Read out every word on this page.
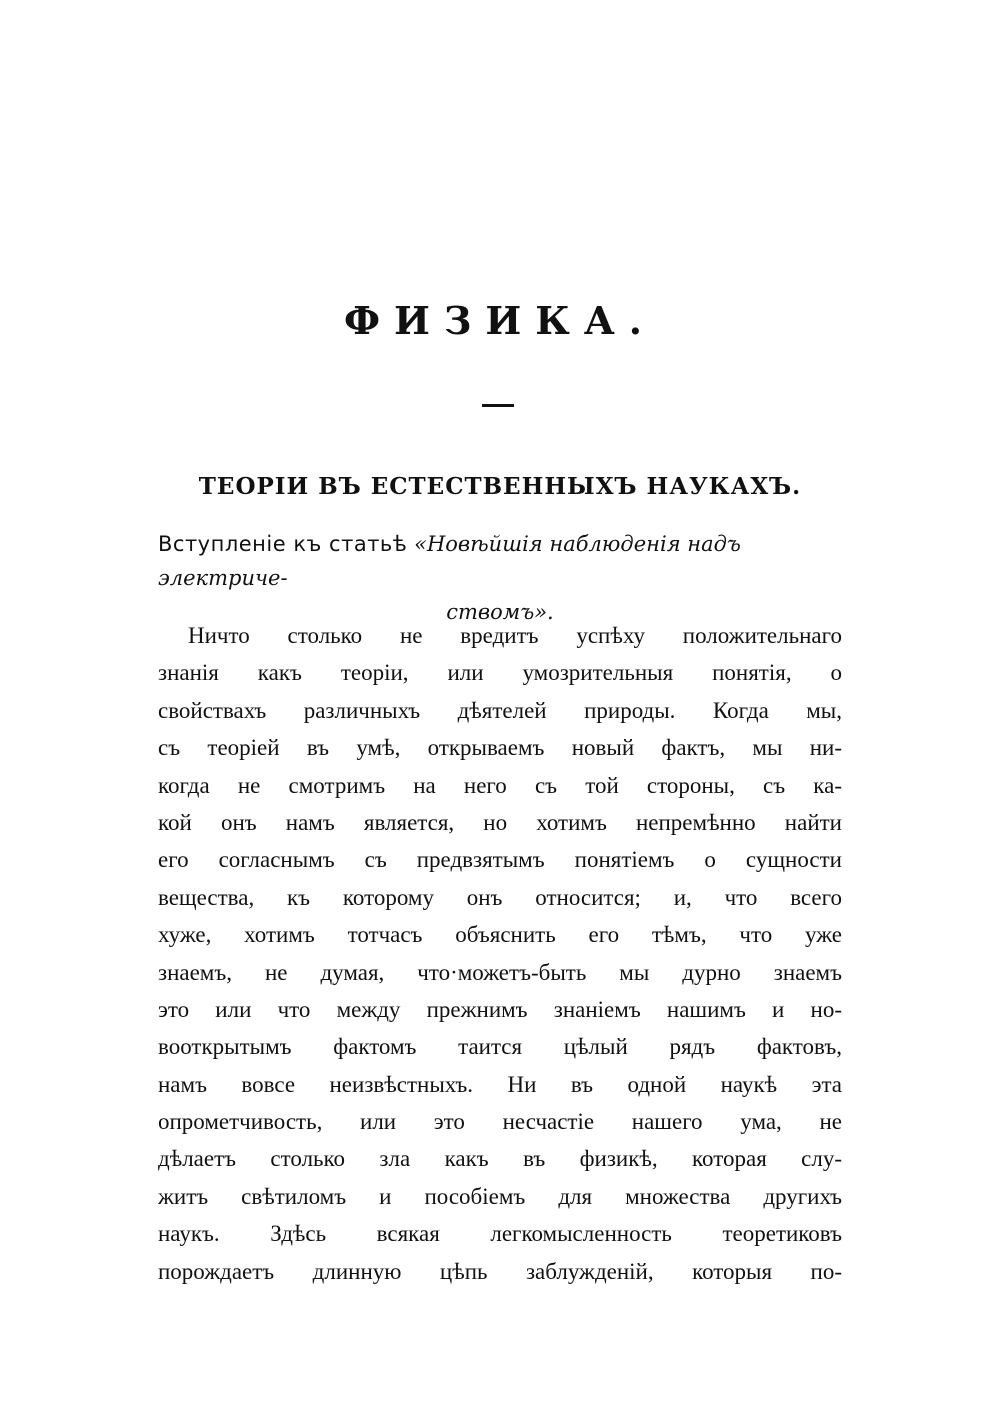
ФИЗИКА.
ТЕОРІИ ВЪ ЕСТЕСТВЕННЫХЪ НАУКАХЪ.
Вступленіе къ статьѣ «Новѣйшія наблюденія надъ электриче-
ствомъ».
Ничто столько не вредитъ успѣху положительнаго
знанія какъ теоріи, или умозрительныя понятія, о
свойствахъ различныхъ дѣятелей природы. Когда мы,
съ теоріей въ умѣ, открываемъ новый фактъ, мы ни-
когда не смотримъ на него съ той стороны, съ ка-
кой онъ намъ является, но хотимъ непремѣнно найти
его согласнымъ съ предвзятымъ понятіемъ о сущности
вещества, къ которому онъ относится; и, что всего
хуже, хотимъ тотчасъ объяснить его тѣмъ, что уже
знаемъ, не думая, что·можетъ-быть мы дурно знаемъ
это или что между прежнимъ знаніемъ нашимъ и но-
вооткрытымъ фактомъ таится цѣлый рядъ фактовъ,
намъ вовсе неизвѣстныхъ. Ни въ одной наукѣ эта
опрометчивость, или это несчастіе нашего ума, не
дѣлаетъ столько зла какъ въ физикѣ, которая слу-
житъ свѣтиломъ и пособіемъ для множества другихъ
наукъ. Здѣсь всякая легкомысленность теоретиковъ
порождаетъ длинную цѣпь заблужденій, которыя по-
